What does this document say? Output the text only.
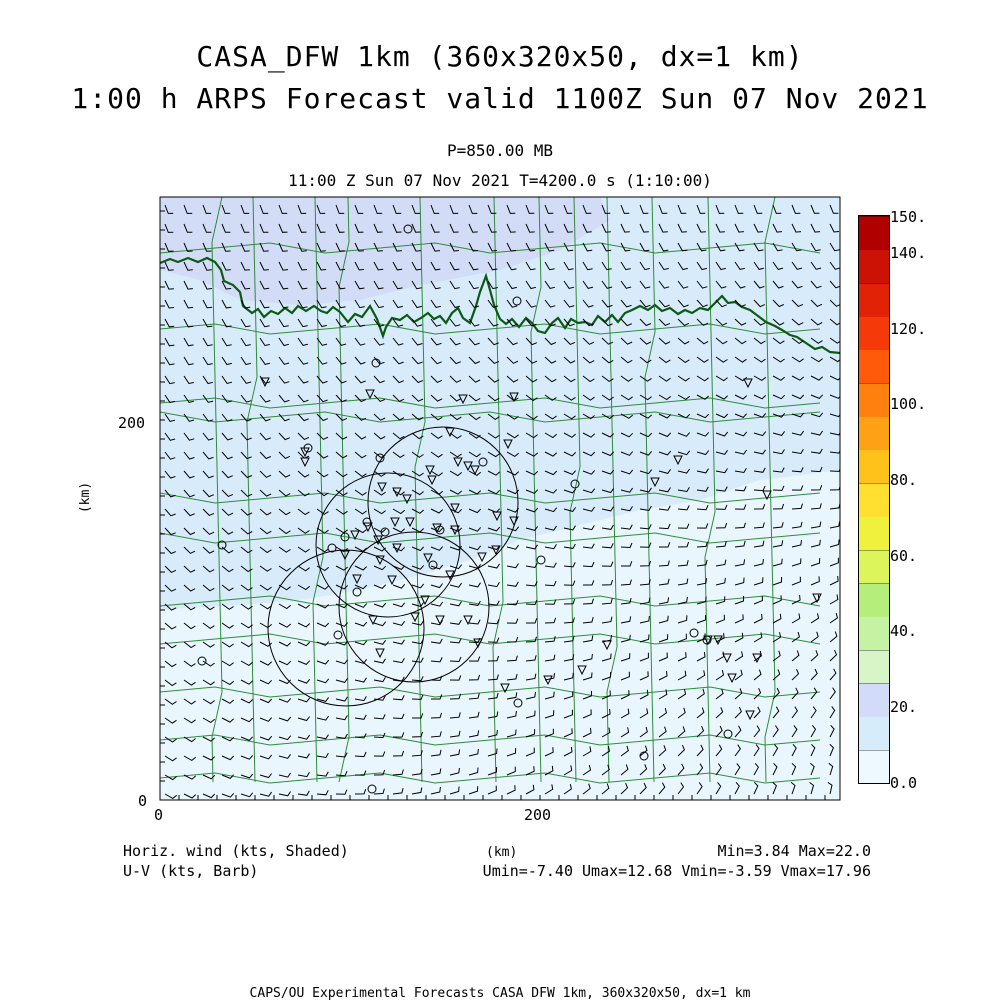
CASA_DFW 1km (360x320x50, dx=1 km)
1:00 h ARPS Forecast valid 1100Z Sun 07 Nov 2021
P=850.00 MB
11:00 Z Sun 07 Nov 2021 T=4200.0 s (1:10:00)
200
0
0	200
(km)
0.0
20.
40.
60.
80.
100.
120.
140.
150.
Horiz. wind (kts, Shaded)
U-V (kts, Barb)
(km)	Min=3.84 Max=22.0
Umin=-7.40 Umax=12.68 Vmin=-3.59 Vmax=17.96
CAPS/OU Experimental Forecasts CASA DFW 1km, 360x320x50, dx=1 km
